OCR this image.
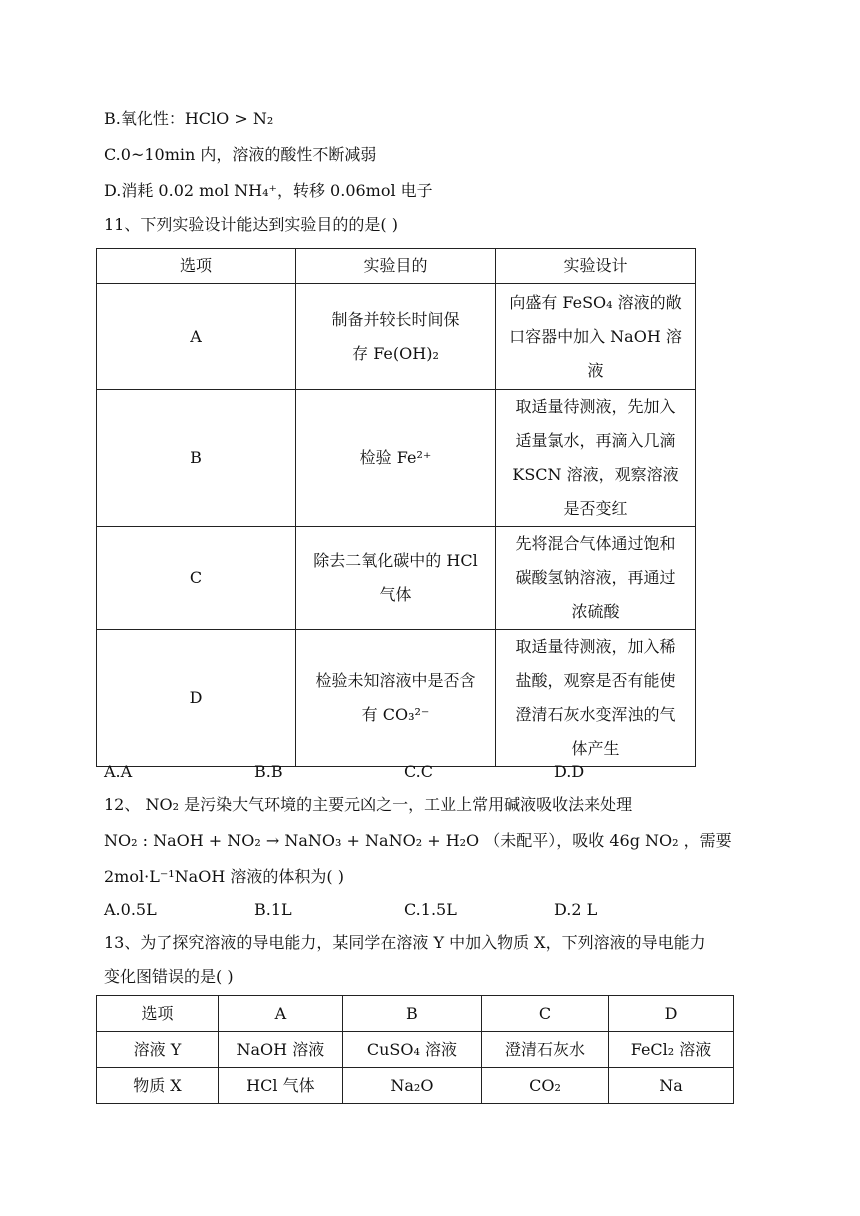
B.氧化性：HClO > N₂
C.0~10min 内，溶液的酸性不断减弱
D.消耗 0.02 mol NH₄⁺，转移 0.06mol 电子
11、下列实验设计能达到实验目的的是( )
选项	实验目的	实验设计
A	制备并较长时间保存 Fe(OH)₂	向盛有 FeSO₄ 溶液的敞口容器中加入 NaOH 溶液
B	检验 Fe²⁺	取适量待测液，先加入适量氯水，再滴入几滴 KSCN 溶液，观察溶液是否变红
C	除去二氧化碳中的 HCl 气体	先将混合气体通过饱和碳酸氢钠溶液，再通过浓硫酸
D	检验未知溶液中是否含有 CO₃²⁻	取适量待测液，加入稀盐酸，观察是否有能使澄清石灰水变浑浊的气体产生
A.A	B.B	C.C	D.D
12、 NO₂ 是污染大气环境的主要元凶之一，工业上常用碱液吸收法来处理
NO₂ : NaOH + NO₂ → NaNO₃ + NaNO₂ + H₂O （未配平），吸收 46g NO₂ ，需要
2mol·L⁻¹NaOH 溶液的体积为( )
A.0.5L	B.1L	C.1.5L	D.2 L
13、为了探究溶液的导电能力，某同学在溶液 Y 中加入物质 X，下列溶液的导电能力
变化图错误的是( )
选项	A	B	C	D
溶液 Y	NaOH 溶液	CuSO₄ 溶液	澄清石灰水	FeCl₂ 溶液
物质 X	HCl 气体	Na₂O	CO₂	Na
